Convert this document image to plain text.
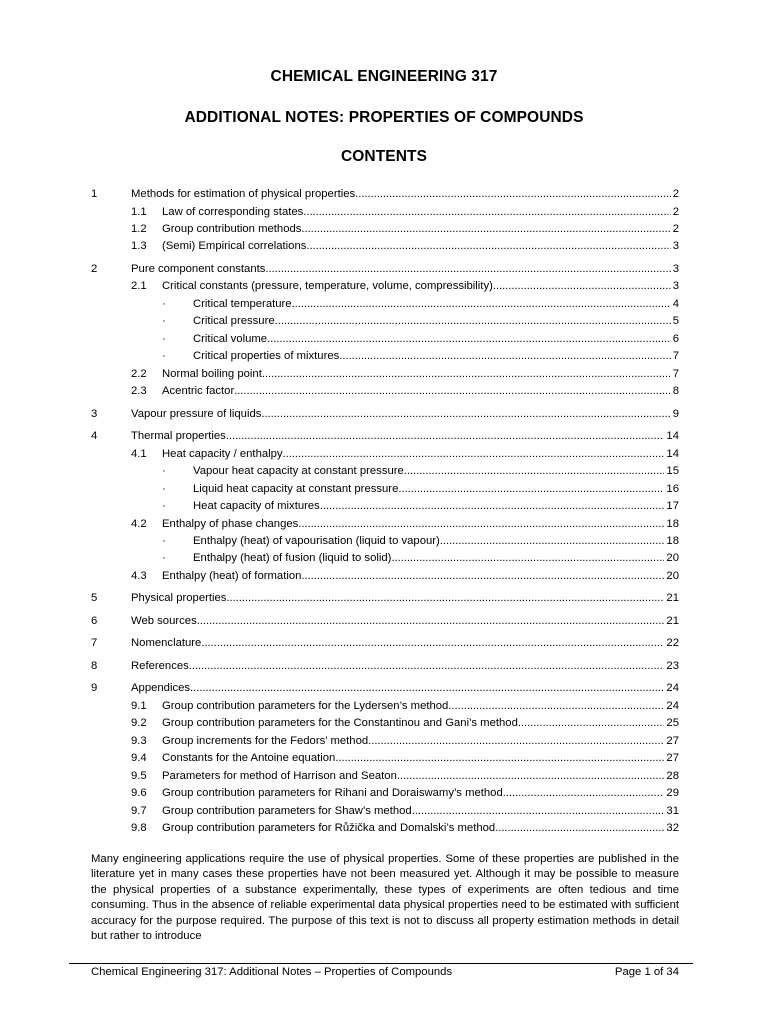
CHEMICAL ENGINEERING 317
ADDITIONAL NOTES: PROPERTIES OF COMPOUNDS
CONTENTS
1	Methods for estimation of physical properties . . .	2
1.1 Law of corresponding states . . .	2
1.2 Group contribution methods . . .	2
1.3 (Semi) Empirical correlations . . .	3
2	Pure component constants . . .	3
2.1 Critical constants (pressure, temperature, volume, compressibility) . . .	3
· Critical temperature . . .	4
· Critical pressure . . .	5
· Critical volume . . .	6
· Critical properties of mixtures . . .	7
2.2 Normal boiling point . . .	7
2.3 Acentric factor . . .	8
3	Vapour pressure of liquids . . .	9
4	Thermal properties . . .	14
4.1 Heat capacity / enthalpy . . .	14
· Vapour heat capacity at constant pressure . . .	15
· Liquid heat capacity at constant pressure . . .	16
· Heat capacity of mixtures . . .	17
4.2 Enthalpy of phase changes . . .	18
· Enthalpy (heat) of vapourisation (liquid to vapour) . . .	18
· Enthalpy (heat) of fusion (liquid to solid) . . .	20
4.3 Enthalpy (heat) of formation . . .	20
5	Physical properties . . .	21
6	Web sources . . .	21
7	Nomenclature . . .	22
8	References . . .	23
9	Appendices . . .	24
9.1 Group contribution parameters for the Lydersen’s method . . .	24
9.2 Group contribution parameters for the Constantinou and Gani’s method . . .	25
9.3 Group increments for the Fedors’ method . . .	27
9.4 Constants for the Antoine equation . . .	27
9.5 Parameters for method of Harrison and Seaton . . .	28
9.6 Group contribution parameters for Rihani and Doraiswamy’s method . . .	29
9.7 Group contribution parameters for Shaw’s method . . .	31
9.8 Group contribution parameters for Růžička and Domalski’s method . . .	32

Many engineering applications require the use of physical properties. Some of these properties are published in the literature yet in many cases these properties have not been measured yet. Although it may be possible to measure the physical properties of a substance experimentally, these types of experiments are often tedious and time consuming. Thus in the absence of reliable experimental data physical properties need to be estimated with sufficient accuracy for the purpose required. The purpose of this text is not to discuss all property estimation methods in detail but rather to introduce

Chemical Engineering 317: Additional Notes – Properties of Compounds	Page 1 of 34
